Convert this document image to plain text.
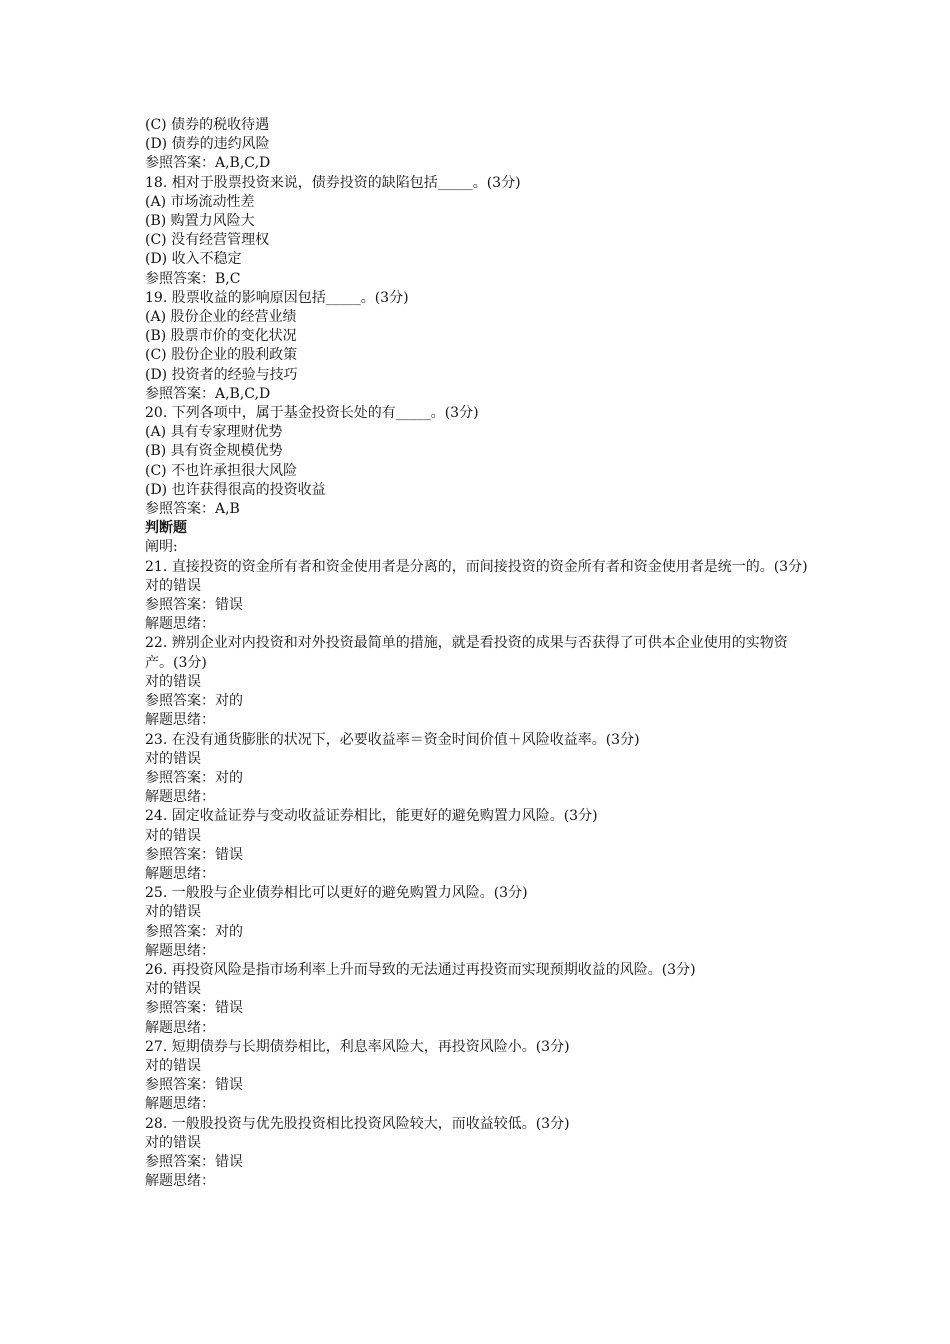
(C) 债券的税收待遇
(D) 债券的违约风险
参照答案：A,B,C,D
18. 相对于股票投资来说，债券投资的缺陷包括_____。(3分)
(A) 市场流动性差
(B) 购置力风险大
(C) 没有经营管理权
(D) 收入不稳定
参照答案：B,C
19. 股票收益的影响原因包括_____。(3分)
(A) 股份企业的经营业绩
(B) 股票市价的变化状况
(C) 股份企业的股利政策
(D) 投资者的经验与技巧
参照答案：A,B,C,D
20. 下列各项中，属于基金投资长处的有_____。(3分)
(A) 具有专家理财优势
(B) 具有资金规模优势
(C) 不也许承担很大风险
(D) 也许获得很高的投资收益
参照答案：A,B
判断题
阐明:
21. 直接投资的资金所有者和资金使用者是分离的，而间接投资的资金所有者和资金使用者是统一的。(3分)
对的错误
参照答案：错误
解题思绪：
22. 辨别企业对内投资和对外投资最简单的措施，就是看投资的成果与否获得了可供本企业使用的实物资产。(3分)
对的错误
参照答案：对的
解题思绪：
23. 在没有通货膨胀的状况下，必要收益率＝资金时间价值＋风险收益率。(3分)
对的错误
参照答案：对的
解题思绪：
24. 固定收益证券与变动收益证券相比，能更好的避免购置力风险。(3分)
对的错误
参照答案：错误
解题思绪：
25. 一般股与企业债券相比可以更好的避免购置力风险。(3分)
对的错误
参照答案：对的
解题思绪：
26. 再投资风险是指市场利率上升而导致的无法通过再投资而实现预期收益的风险。(3分)
对的错误
参照答案：错误
解题思绪：
27. 短期债券与长期债券相比，利息率风险大，再投资风险小。(3分)
对的错误
参照答案：错误
解题思绪：
28. 一般股投资与优先股投资相比投资风险较大，而收益较低。(3分)
对的错误
参照答案：错误
解题思绪：
